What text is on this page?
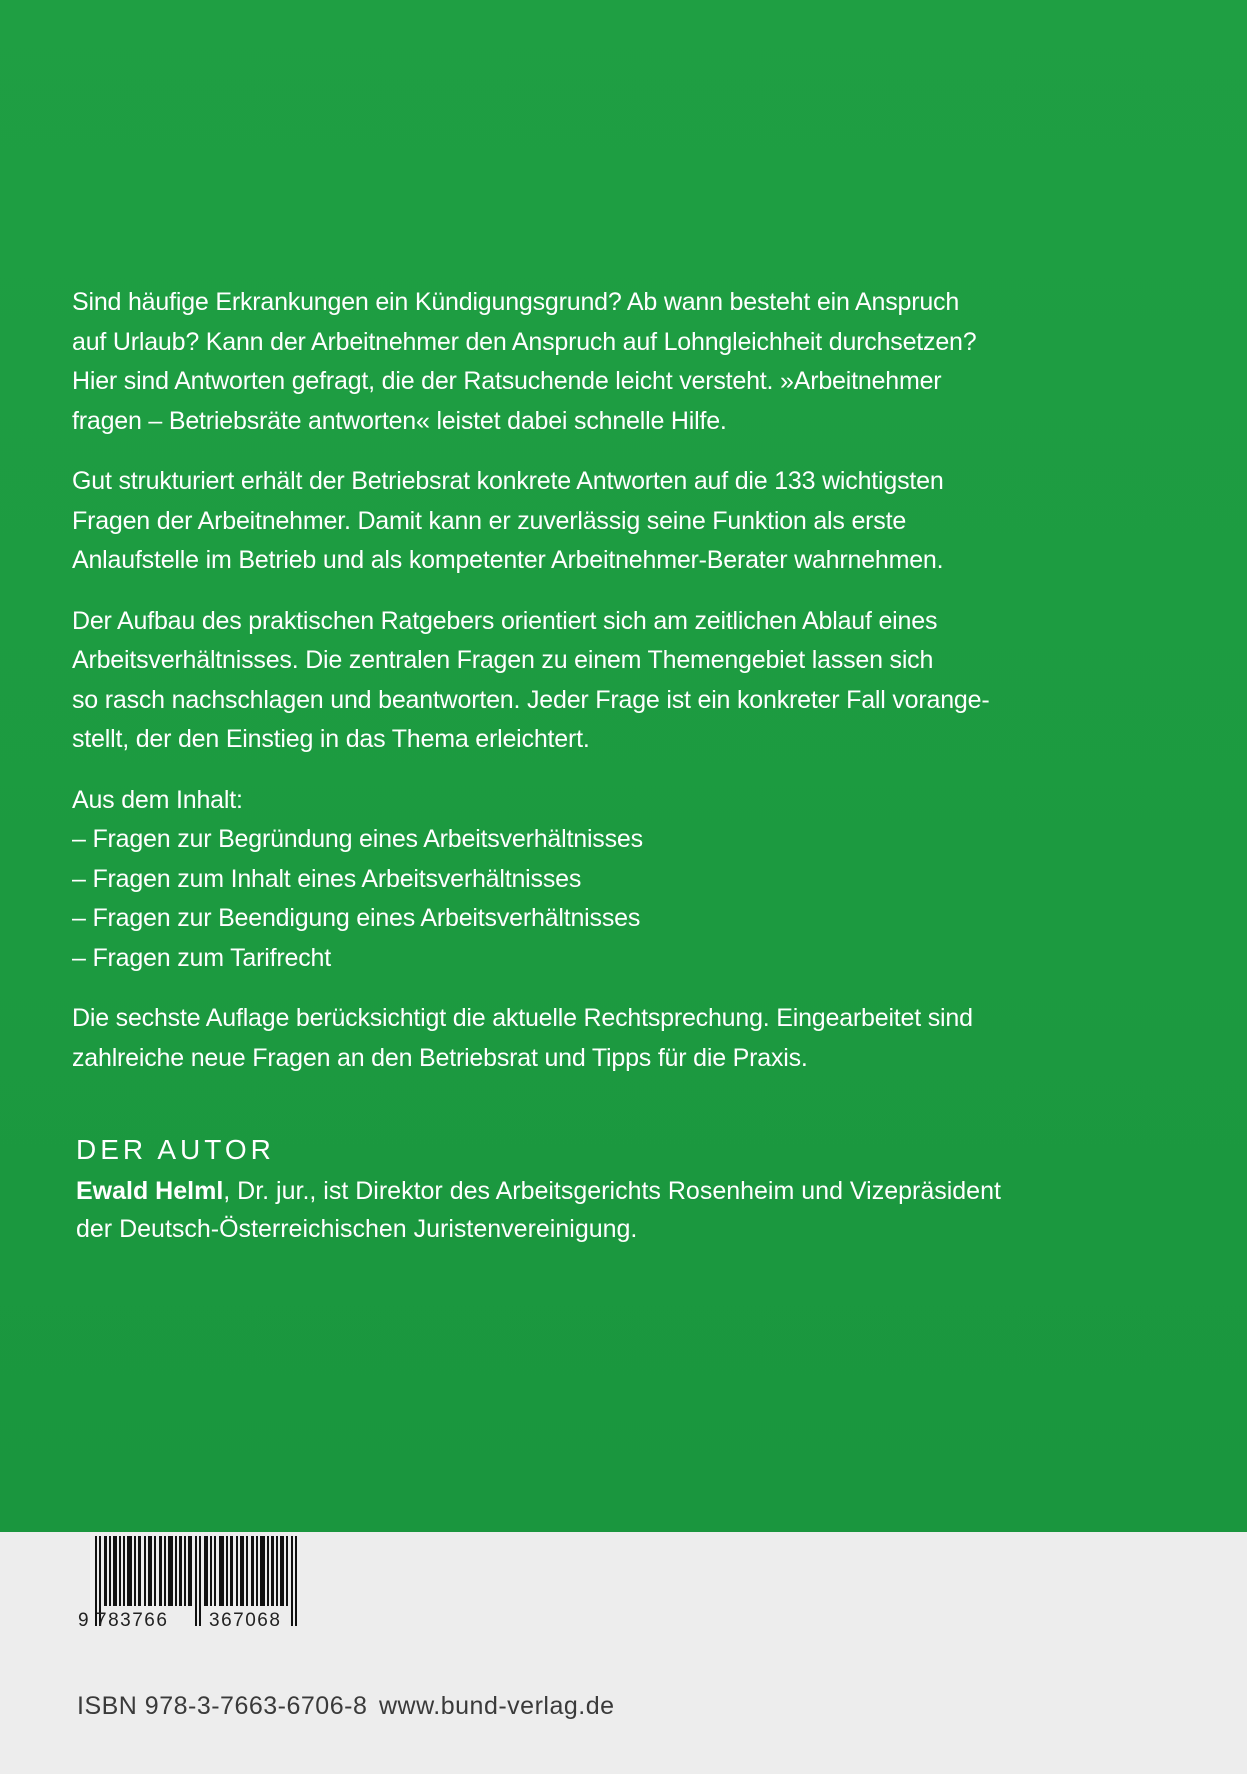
Sind häufige Erkrankungen ein Kündigungsgrund? Ab wann besteht ein Anspruch
auf Urlaub? Kann der Arbeitnehmer den Anspruch auf Lohngleichheit durchsetzen?
Hier sind Antworten gefragt, die der Ratsuchende leicht versteht. »Arbeitnehmer
fragen – Betriebsräte antworten« leistet dabei schnelle Hilfe.

Gut strukturiert erhält der Betriebsrat konkrete Antworten auf die 133 wichtigsten
Fragen der Arbeitnehmer. Damit kann er zuverlässig seine Funktion als erste
Anlaufstelle im Betrieb und als kompetenter Arbeitnehmer-Berater wahrnehmen.

Der Aufbau des praktischen Ratgebers orientiert sich am zeitlichen Ablauf eines
Arbeitsverhältnisses. Die zentralen Fragen zu einem Themengebiet lassen sich
so rasch nachschlagen und beantworten. Jeder Frage ist ein konkreter Fall vorange-
stellt, der den Einstieg in das Thema erleichtert.

Aus dem Inhalt:
– Fragen zur Begründung eines Arbeitsverhältnisses
– Fragen zum Inhalt eines Arbeitsverhältnisses
– Fragen zur Beendigung eines Arbeitsverhältnisses
– Fragen zum Tarifrecht

Die sechste Auflage berücksichtigt die aktuelle Rechtsprechung. Eingearbeitet sind
zahlreiche neue Fragen an den Betriebsrat und Tipps für die Praxis.

DER AUTOR
Ewald Helml, Dr. jur., ist Direktor des Arbeitsgerichts Rosenheim und Vizepräsident
der Deutsch-Österreichischen Juristenvereinigung.
9 783766 367068
ISBN 978-3-7663-6706-8 www.bund-verlag.de
